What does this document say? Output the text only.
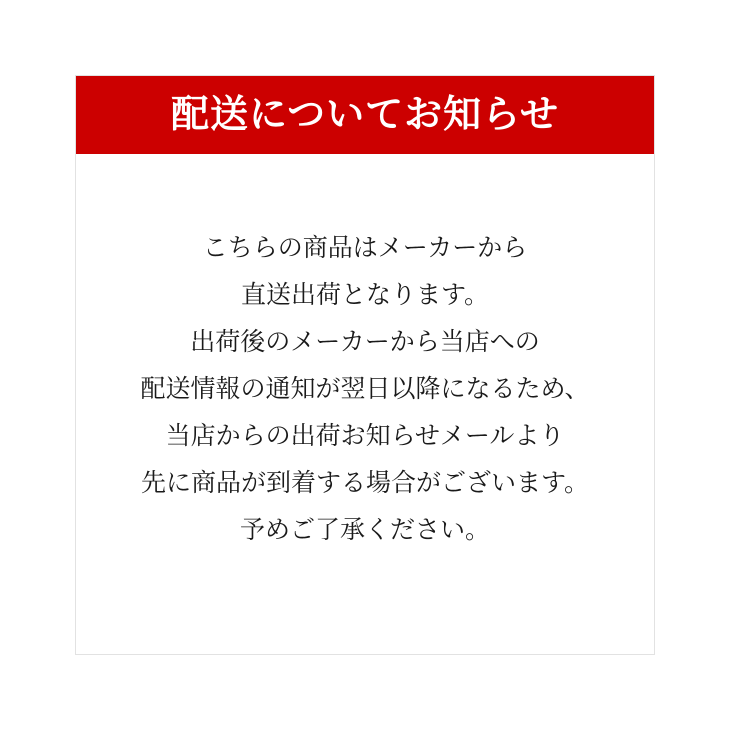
配送についてお知らせ
こちらの商品はメーカーから
直送出荷となります。
出荷後のメーカーから当店への
配送情報の通知が翌日以降になるため、
当店からの出荷お知らせメールより
先に商品が到着する場合がございます。
予めご了承ください。
